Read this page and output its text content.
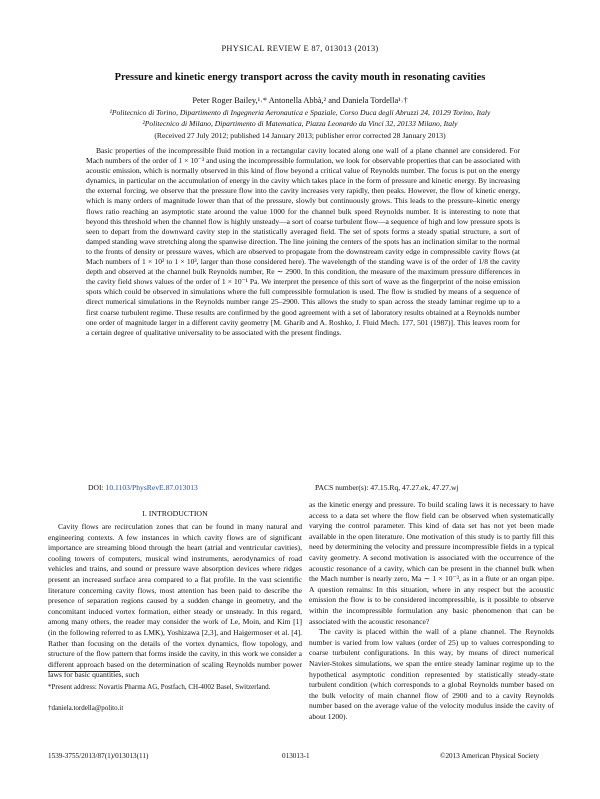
PHYSICAL REVIEW E 87, 013013 (2013)
Pressure and kinetic energy transport across the cavity mouth in resonating cavities
Peter Roger Bailey,¹˒* Antonella Abbà,² and Daniela Tordella¹˒†
¹Politecnico di Torino, Dipartimento di Ingegneria Aeronautica e Spaziale, Corso Duca degli Abruzzi 24, 10129 Torino, Italy
²Politecnico di Milano, Dipartimento di Matematica, Piazza Leonardo da Vinci 32, 20133 Milano, Italy
(Received 27 July 2012; published 14 January 2013; publisher error corrected 28 January 2013)

Basic properties of the incompressible fluid motion in a rectangular cavity located along one wall of a plane channel are considered. For Mach numbers of the order of 1 × 10⁻³ and using the incompressible formulation, we look for observable properties that can be associated with acoustic emission, which is normally observed in this kind of flow beyond a critical value of Reynolds number. The focus is put on the energy dynamics, in particular on the accumulation of energy in the cavity which takes place in the form of pressure and kinetic energy. By increasing the external forcing, we observe that the pressure flow into the cavity increases very rapidly, then peaks. However, the flow of kinetic energy, which is many orders of magnitude lower than that of the pressure, slowly but continuously grows. This leads to the pressure–kinetic energy flows ratio reaching an asymptotic state around the value 1000 for the channel bulk speed Reynolds number. It is interesting to note that beyond this threshold when the channel flow is highly unsteady—a sort of coarse turbulent flow—a sequence of high and low pressure spots is seen to depart from the downward cavity step in the statistically averaged field. The set of spots forms a steady spatial structure, a sort of damped standing wave stretching along the spanwise direction. The line joining the centers of the spots has an inclination similar to the normal to the fronts of density or pressure waves, which are observed to propagate from the downstream cavity edge in compressible cavity flows (at Mach numbers of 1 × 10² to 1 × 10³, larger than those considered here). The wavelength of the standing wave is of the order of 1/8 the cavity depth and observed at the channel bulk Reynolds number, Re ∼ 2900. In this condition, the measure of the maximum pressure differences in the cavity field shows values of the order of 1 × 10⁻¹ Pa. We interpret the presence of this sort of wave as the fingerprint of the noise emission spots which could be observed in simulations where the full compressible formulation is used. The flow is studied by means of a sequence of direct numerical simulations in the Reynolds number range 25–2900. This allows the study to span across the steady laminar regime up to a first coarse turbulent regime. These results are confirmed by the good agreement with a set of laboratory results obtained at a Reynolds number one order of magnitude larger in a different cavity geometry [M. Gharib and A. Roshko, J. Fluid Mech. 177, 501 (1987)]. This leaves room for a certain degree of qualitative universality to be associated with the present findings.

DOI: 10.1103/PhysRevE.87.013013	PACS number(s): 47.15.Rq, 47.27.ek, 47.27.wj
I. INTRODUCTION

Cavity flows are recirculation zones that can be found in many natural and engineering contexts. A few instances in which cavity flows are of significant importance are streaming blood through the heart (atrial and ventricular cavities), cooling towers of computers, musical wind instruments, aerodynamics of road vehicles and trains, and sound or pressure wave absorption devices where ridges present an increased surface area compared to a flat profile. In the vast scientific literature concerning cavity flows, most attention has been paid to describe the presence of separation regions caused by a sudden change in geometry, and the concomitant induced vortex formation, either steady or unsteady. In this regard, among many others, the reader may consider the work of Le, Moin, and Kim [1] (in the following referred to as LMK), Yoshizawa [2,3], and Haigermoser et al. [4]. Rather than focusing on the details of the vortex dynamics, flow topology, and structure of the flow pattern that forms inside the cavity, in this work we consider a different approach based on the determination of scaling Reynolds number power laws for basic quantities, such

as the kinetic energy and pressure. To build scaling laws it is necessary to have access to a data set where the flow field can be observed when systematically varying the control parameter. This kind of data set has not yet been made available in the open literature. One motivation of this study is to partly fill this need by determining the velocity and pressure incompressible fields in a typical cavity geometry. A second motivation is associated with the occurrence of the acoustic resonance of a cavity, which can be present in the channel bulk when the Mach number is nearly zero, Ma ∼ 1 × 10⁻³, as in a flute or an organ pipe. A question remains: In this situation, where in any respect but the acoustic emission the flow is to be considered incompressible, is it possible to observe within the incompressible formulation any basic phenomenon that can be associated with the acoustic resonance?

The cavity is placed within the wall of a plane channel. The Reynolds number is varied from low values (order of 25) up to values corresponding to coarse turbulent configurations. In this way, by means of direct numerical Navier-Stokes simulations, we span the entire steady laminar regime up to the hypothetical asymptotic condition represented by statistically steady-state turbulent condition (which corresponds to a global Reynolds number based on the bulk velocity of main channel flow of 2900 and to a cavity Reynolds number based on the average value of the velocity modulus inside the cavity of about 1200).

*Present address: Novartis Pharma AG, Postfach, CH-4002 Basel, Switzerland.
†daniela.tordella@polito.it
1539-3755/2013/87(1)/013013(11)	013013-1	©2013 American Physical Society
